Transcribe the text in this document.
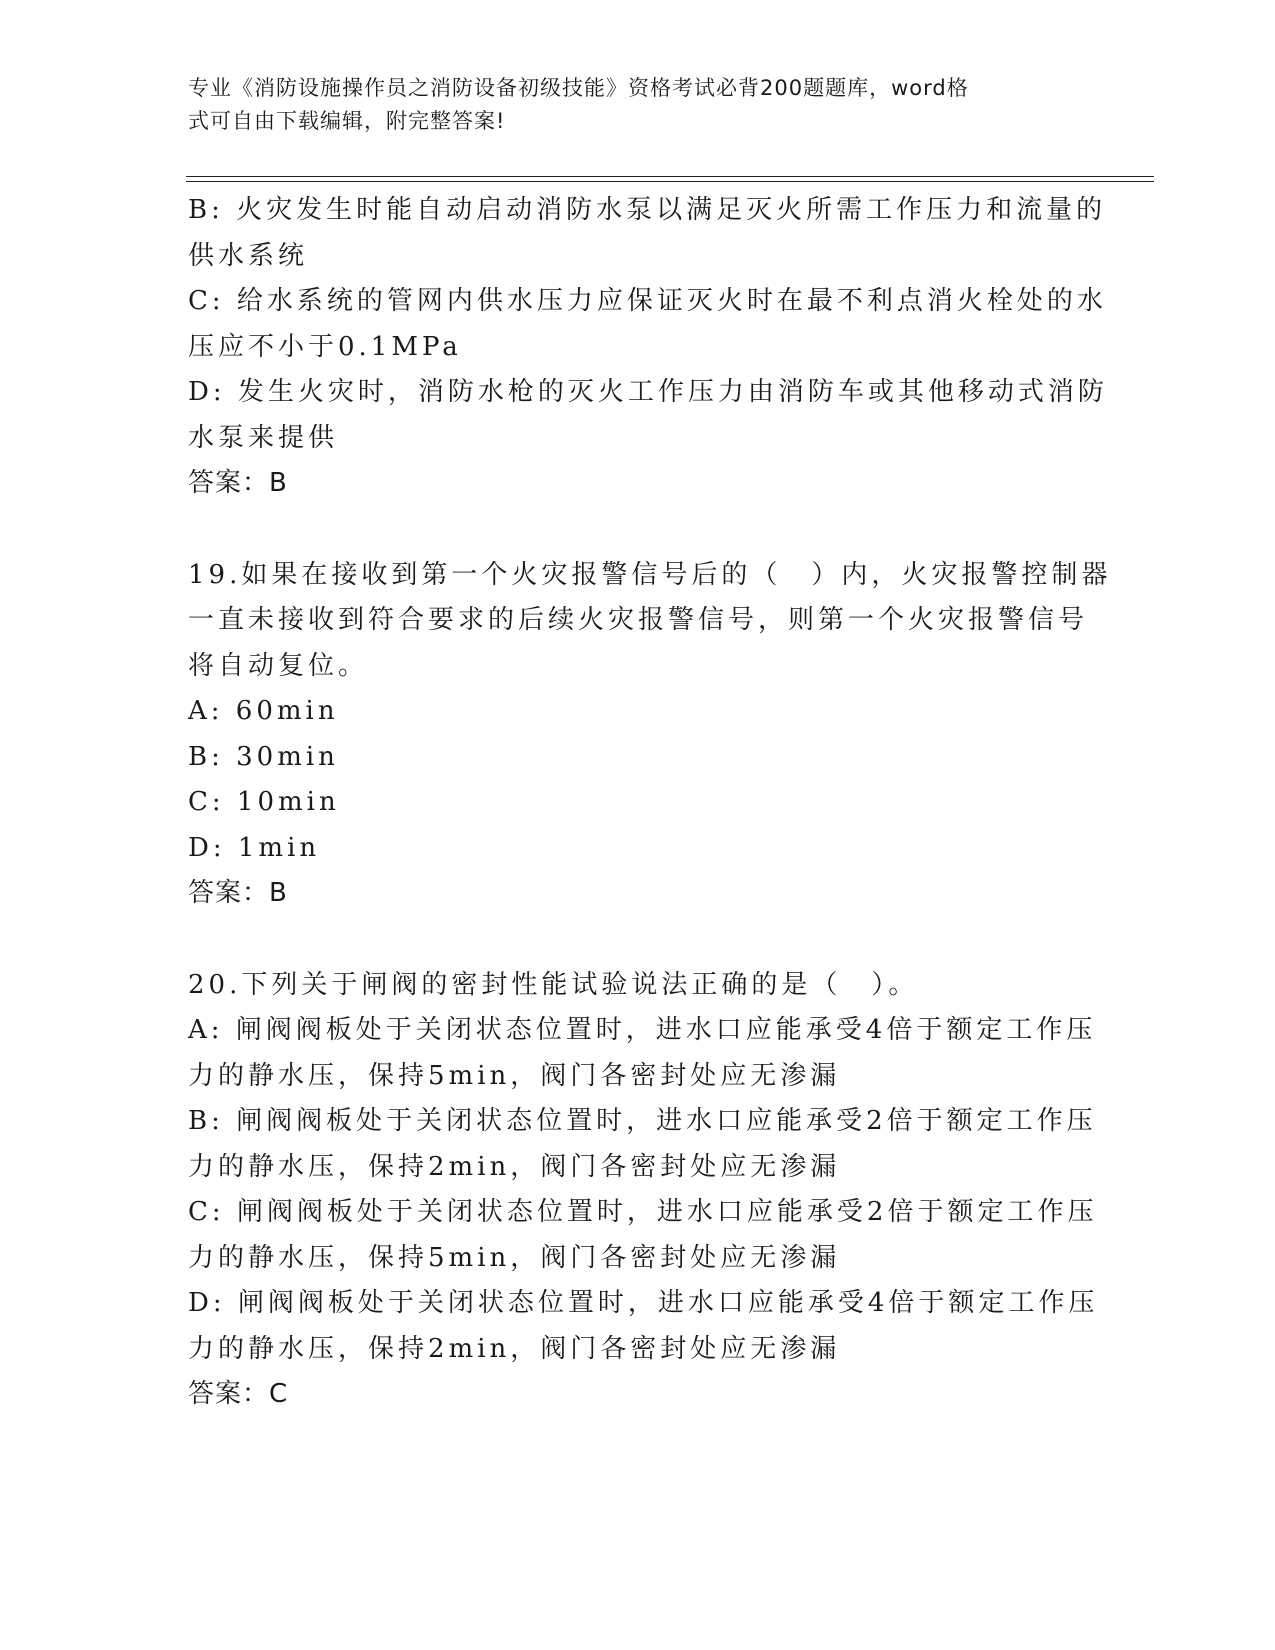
专业《消防设施操作员之消防设备初级技能》资格考试必背200题题库，word格
式可自由下载编辑，附完整答案!
B: 火灾发生时能自动启动消防水泵以满足灭火所需工作压力和流量的
供水系统
C: 给水系统的管网内供水压力应保证灭火时在最不利点消火栓处的水
压应不小于0.1MPa
D: 发生火灾时，消防水枪的灭火工作压力由消防车或其他移动式消防
水泵来提供
答案：B
19.如果在接收到第一个火灾报警信号后的（　）内，火灾报警控制器
一直未接收到符合要求的后续火灾报警信号，则第一个火灾报警信号
将自动复位。
A: 60min
B: 30min
C: 10min
D: 1min
答案：B
20.下列关于闸阀的密封性能试验说法正确的是（　）。
A: 闸阀阀板处于关闭状态位置时，进水口应能承受4倍于额定工作压
力的静水压，保持5min，阀门各密封处应无渗漏
B: 闸阀阀板处于关闭状态位置时，进水口应能承受2倍于额定工作压
力的静水压，保持2min，阀门各密封处应无渗漏
C: 闸阀阀板处于关闭状态位置时，进水口应能承受2倍于额定工作压
力的静水压，保持5min，阀门各密封处应无渗漏
D: 闸阀阀板处于关闭状态位置时，进水口应能承受4倍于额定工作压
力的静水压，保持2min，阀门各密封处应无渗漏
答案：C
